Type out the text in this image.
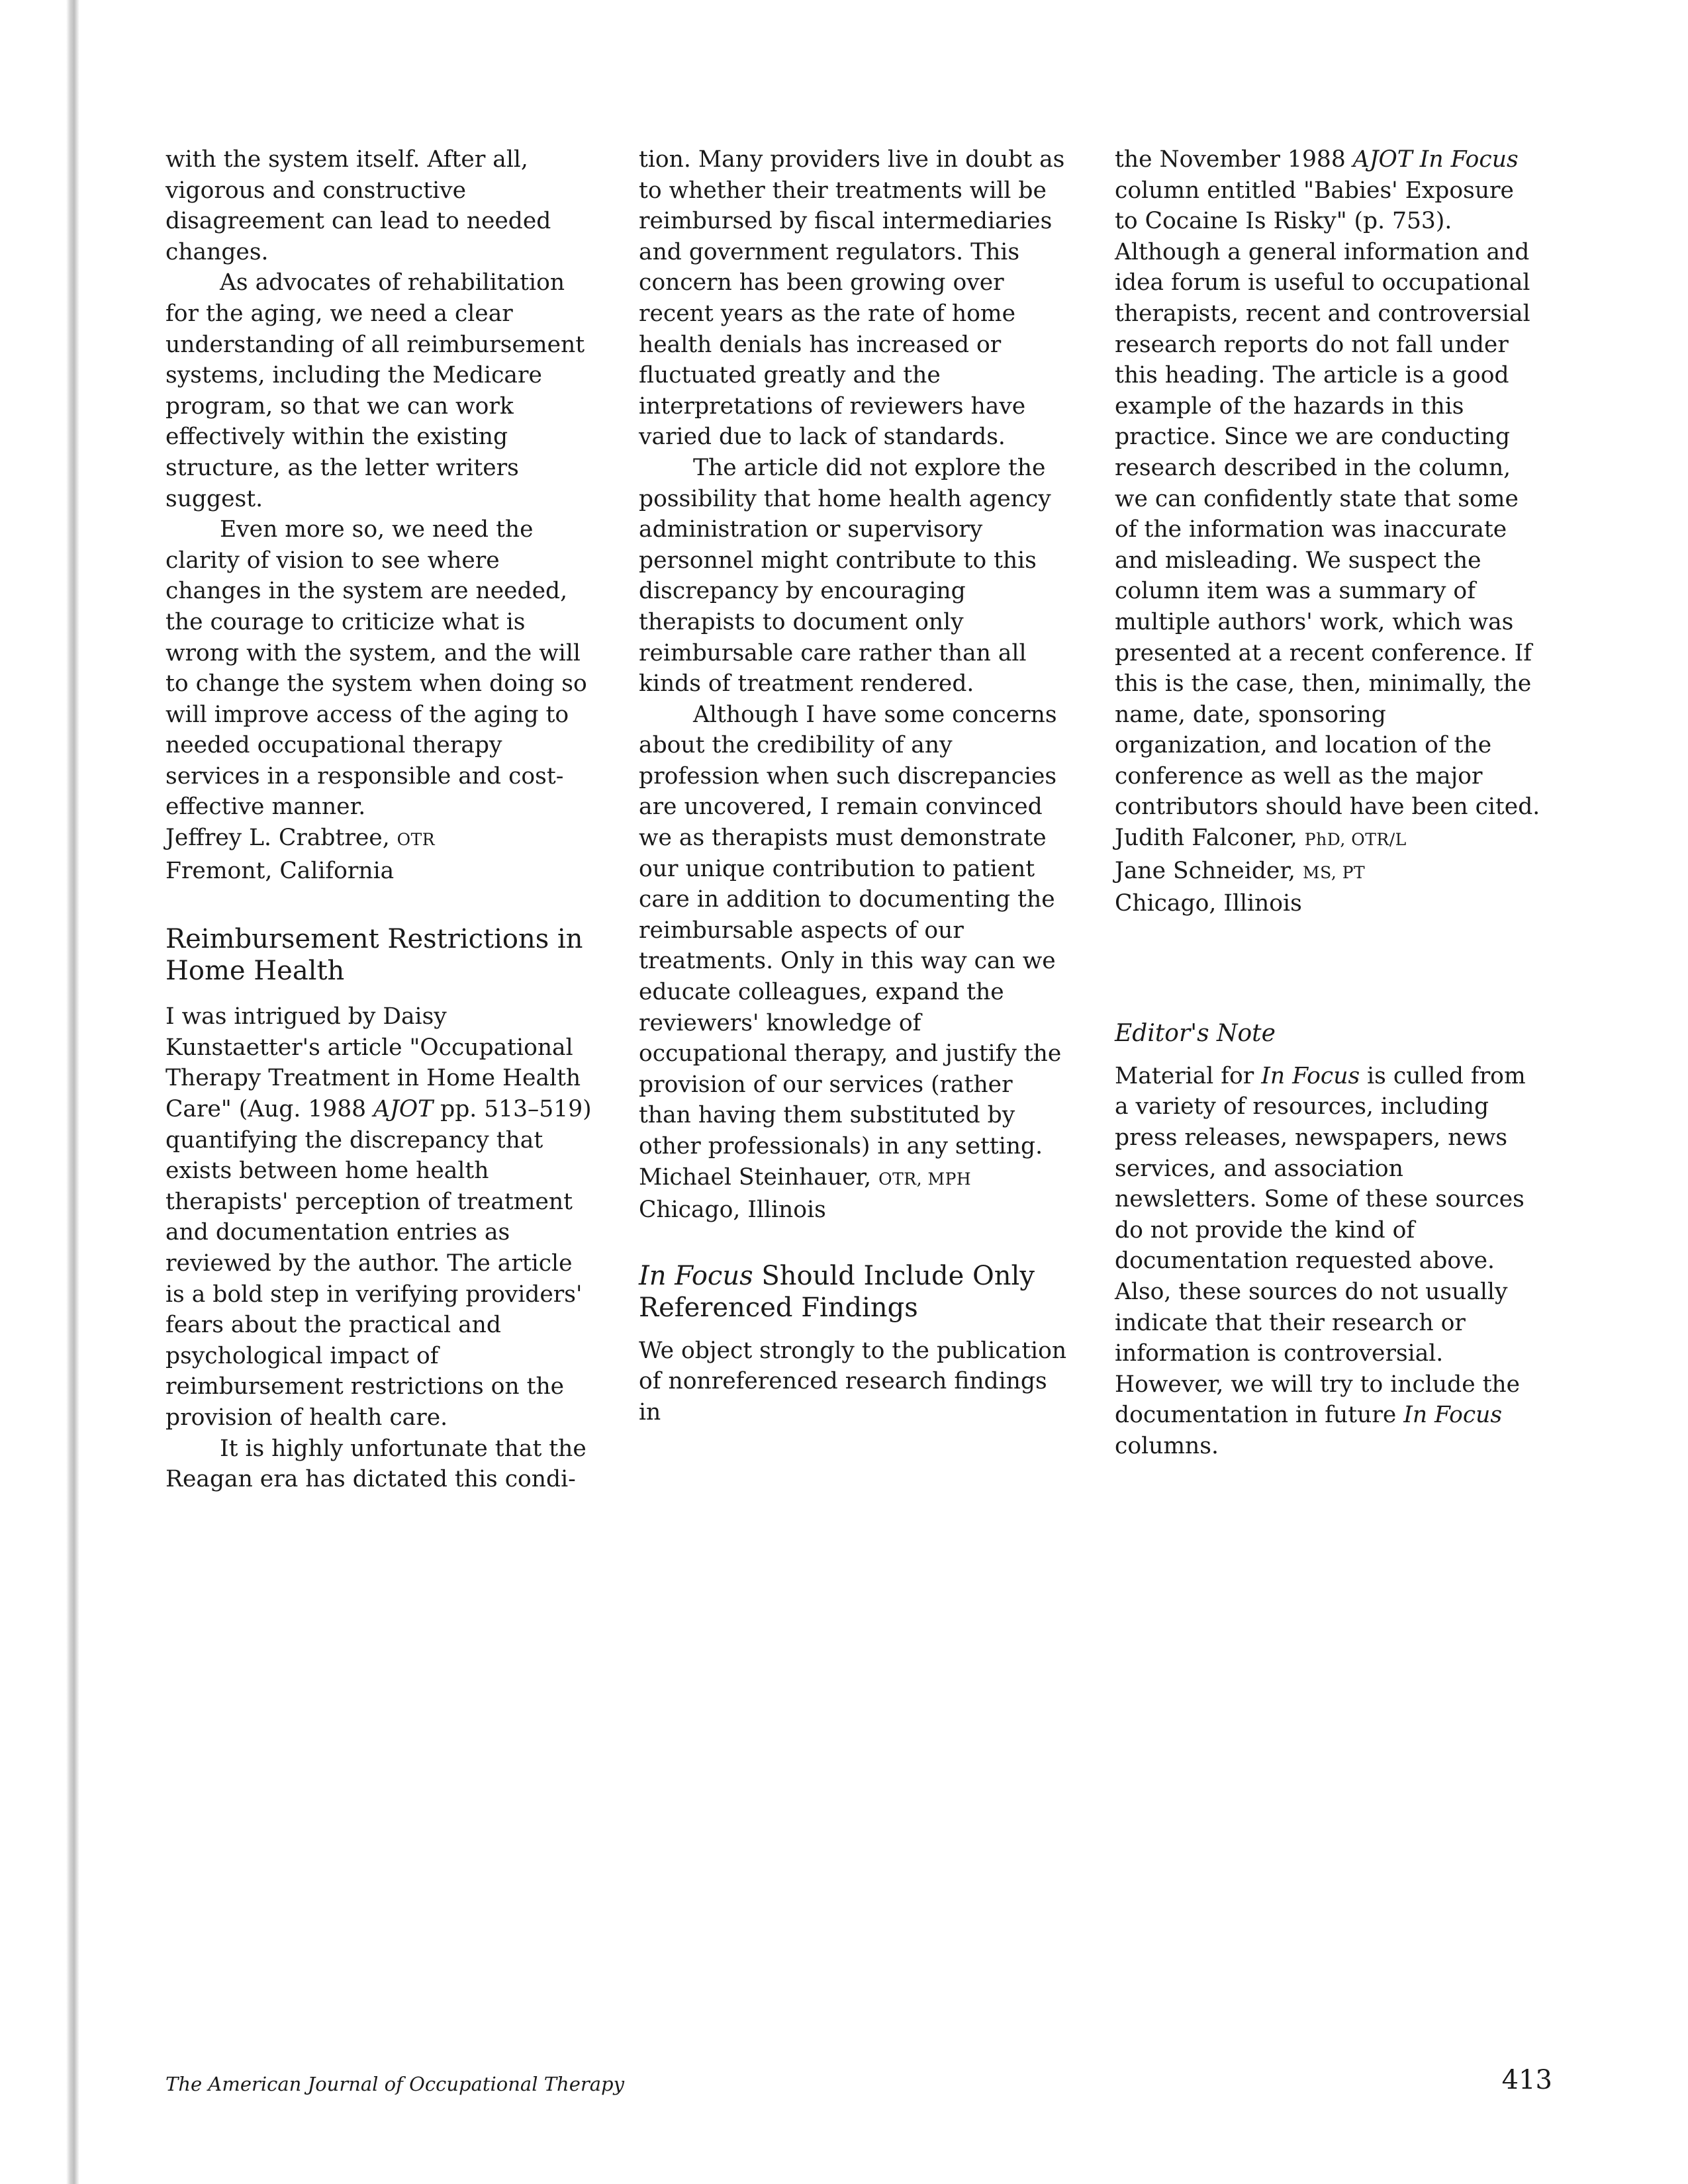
with the system itself. After all, vigorous and constructive disagreement can lead to needed changes.

As advocates of rehabilitation for the aging, we need a clear understanding of all reimbursement systems, including the Medicare program, so that we can work effectively within the existing structure, as the letter writers suggest.

Even more so, we need the clarity of vision to see where changes in the system are needed, the courage to criticize what is wrong with the system, and the will to change the system when doing so will improve access of the aging to needed occupational therapy services in a responsible and cost-effective manner.

Jeffrey L. Crabtree, OTR

Fremont, California

Reimbursement Restrictions in Home Health

I was intrigued by Daisy Kunstaetter's article "Occupational Therapy Treatment in Home Health Care" (Aug. 1988 AJOT pp. 513–519) quantifying the discrepancy that exists between home health therapists' perception of treatment and documentation entries as reviewed by the author. The article is a bold step in verifying providers' fears about the practical and psychological impact of reimbursement restrictions on the provision of health care.

It is highly unfortunate that the Reagan era has dictated this condi-

tion. Many providers live in doubt as to whether their treatments will be reimbursed by fiscal intermediaries and government regulators. This concern has been growing over recent years as the rate of home health denials has increased or fluctuated greatly and the interpretations of reviewers have varied due to lack of standards.

The article did not explore the possibility that home health agency administration or supervisory personnel might contribute to this discrepancy by encouraging therapists to document only reimbursable care rather than all kinds of treatment rendered.

Although I have some concerns about the credibility of any profession when such discrepancies are uncovered, I remain convinced we as therapists must demonstrate our unique contribution to patient care in addition to documenting the reimbursable aspects of our treatments. Only in this way can we educate colleagues, expand the reviewers' knowledge of occupational therapy, and justify the provision of our services (rather than having them substituted by other professionals) in any setting.

Michael Steinhauer, OTR, MPH

Chicago, Illinois

In Focus Should Include Only Referenced Findings

We object strongly to the publication of nonreferenced research findings in

the November 1988 AJOT In Focus column entitled "Babies' Exposure to Cocaine Is Risky" (p. 753). Although a general information and idea forum is useful to occupational therapists, recent and controversial research reports do not fall under this heading. The article is a good example of the hazards in this practice. Since we are conducting research described in the column, we can confidently state that some of the information was inaccurate and misleading. We suspect the column item was a summary of multiple authors' work, which was presented at a recent conference. If this is the case, then, minimally, the name, date, sponsoring organization, and location of the conference as well as the major contributors should have been cited.

Judith Falconer, PhD, OTR/L

Jane Schneider, MS, PT

Chicago, Illinois

Editor's Note

Material for In Focus is culled from a variety of resources, including press releases, newspapers, news services, and association newsletters. Some of these sources do not provide the kind of documentation requested above. Also, these sources do not usually indicate that their research or information is controversial. However, we will try to include the documentation in future In Focus columns.

The American Journal of Occupational Therapy	413
